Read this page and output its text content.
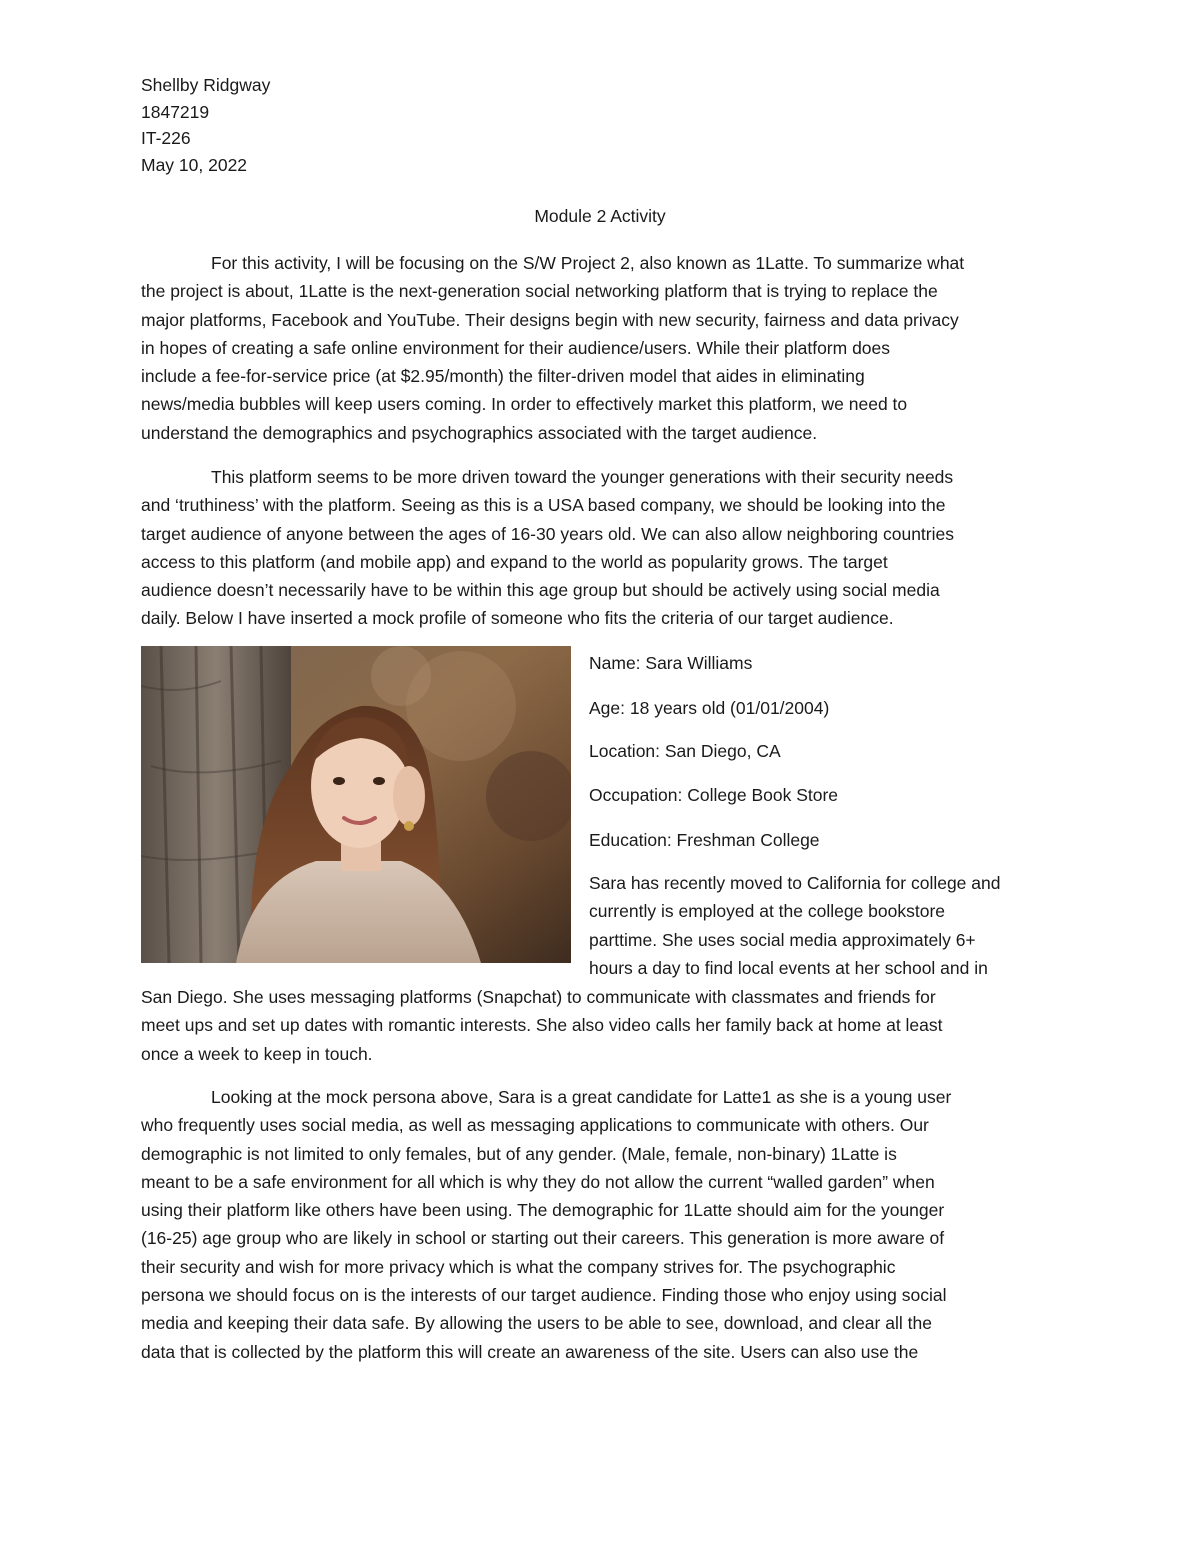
Shellby Ridgway
1847219
IT-226
May 10, 2022
Module 2 Activity
For this activity, I will be focusing on the S/W Project 2, also known as 1Latte. To summarize what
the project is about, 1Latte is the next-generation social networking platform that is trying to replace the
major platforms, Facebook and YouTube. Their designs begin with new security, fairness and data privacy
in hopes of creating a safe online environment for their audience/users. While their platform does
include a fee-for-service price (at $2.95/month) the filter-driven model that aides in eliminating
news/media bubbles will keep users coming. In order to effectively market this platform, we need to
understand the demographics and psychographics associated with the target audience.
This platform seems to be more driven toward the younger generations with their security needs
and ‘truthiness’ with the platform. Seeing as this is a USA based company, we should be looking into the
target audience of anyone between the ages of 16-30 years old. We can also allow neighboring countries
access to this platform (and mobile app) and expand to the world as popularity grows. The target
audience doesn’t necessarily have to be within this age group but should be actively using social media
daily. Below I have inserted a mock profile of someone who fits the criteria of our target audience.
Name: Sara Williams
Age: 18 years old (01/01/2004)
Location: San Diego, CA
Occupation: College Book Store
Education: Freshman College
Sara has recently moved to California for college and
currently is employed at the college bookstore
parttime. She uses social media approximately 6+
hours a day to find local events at her school and in
San Diego. She uses messaging platforms (Snapchat) to communicate with classmates and friends for
meet ups and set up dates with romantic interests. She also video calls her family back at home at least
once a week to keep in touch.
Looking at the mock persona above, Sara is a great candidate for Latte1 as she is a young user
who frequently uses social media, as well as messaging applications to communicate with others. Our
demographic is not limited to only females, but of any gender. (Male, female, non-binary) 1Latte is
meant to be a safe environment for all which is why they do not allow the current “walled garden” when
using their platform like others have been using. The demographic for 1Latte should aim for the younger
(16-25) age group who are likely in school or starting out their careers. This generation is more aware of
their security and wish for more privacy which is what the company strives for. The psychographic
persona we should focus on is the interests of our target audience. Finding those who enjoy using social
media and keeping their data safe. By allowing the users to be able to see, download, and clear all the
data that is collected by the platform this will create an awareness of the site. Users can also use the
